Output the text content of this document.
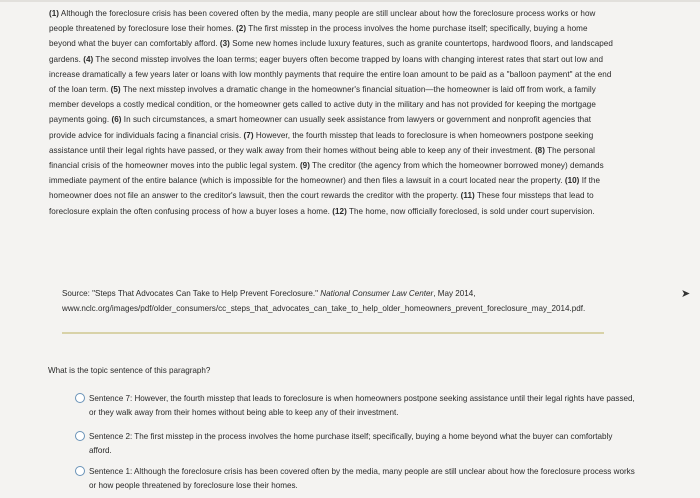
(1) Although the foreclosure crisis has been covered often by the media, many people are still unclear about how the foreclosure process works or how people threatened by foreclosure lose their homes. (2) The first misstep in the process involves the home purchase itself; specifically, buying a home beyond what the buyer can comfortably afford. (3) Some new homes include luxury features, such as granite countertops, hardwood floors, and landscaped gardens. (4) The second misstep involves the loan terms; eager buyers often become trapped by loans with changing interest rates that start out low and increase dramatically a few years later or loans with low monthly payments that require the entire loan amount to be paid as a "balloon payment" at the end of the loan term. (5) The next misstep involves a dramatic change in the homeowner's financial situation—the homeowner is laid off from work, a family member develops a costly medical condition, or the homeowner gets called to active duty in the military and has not provided for keeping the mortgage payments going. (6) In such circumstances, a smart homeowner can usually seek assistance from lawyers or government and nonprofit agencies that provide advice for individuals facing a financial crisis. (7) However, the fourth misstep that leads to foreclosure is when homeowners postpone seeking assistance until their legal rights have passed, or they walk away from their homes without being able to keep any of their investment. (8) The personal financial crisis of the homeowner moves into the public legal system. (9) The creditor (the agency from which the homeowner borrowed money) demands immediate payment of the entire balance (which is impossible for the homeowner) and then files a lawsuit in a court located near the property. (10) If the homeowner does not file an answer to the creditor's lawsuit, then the court rewards the creditor with the property. (11) These four missteps that lead to foreclosure explain the often confusing process of how a buyer loses a home. (12) The home, now officially foreclosed, is sold under court supervision.
Source: "Steps That Advocates Can Take to Help Prevent Foreclosure." National Consumer Law Center, May 2014,
www.nclc.org/images/pdf/older_consumers/cc_steps_that_advocates_can_take_to_help_older_homeowners_prevent_foreclosure_may_2014.pdf.
➤
What is the topic sentence of this paragraph?
Sentence 7: However, the fourth misstep that leads to foreclosure is when homeowners postpone seeking assistance until their legal rights have passed, or they walk away from their homes without being able to keep any of their investment.
Sentence 2: The first misstep in the process involves the home purchase itself; specifically, buying a home beyond what the buyer can comfortably afford.
Sentence 1: Although the foreclosure crisis has been covered often by the media, many people are still unclear about how the foreclosure process works or how people threatened by foreclosure lose their homes.
